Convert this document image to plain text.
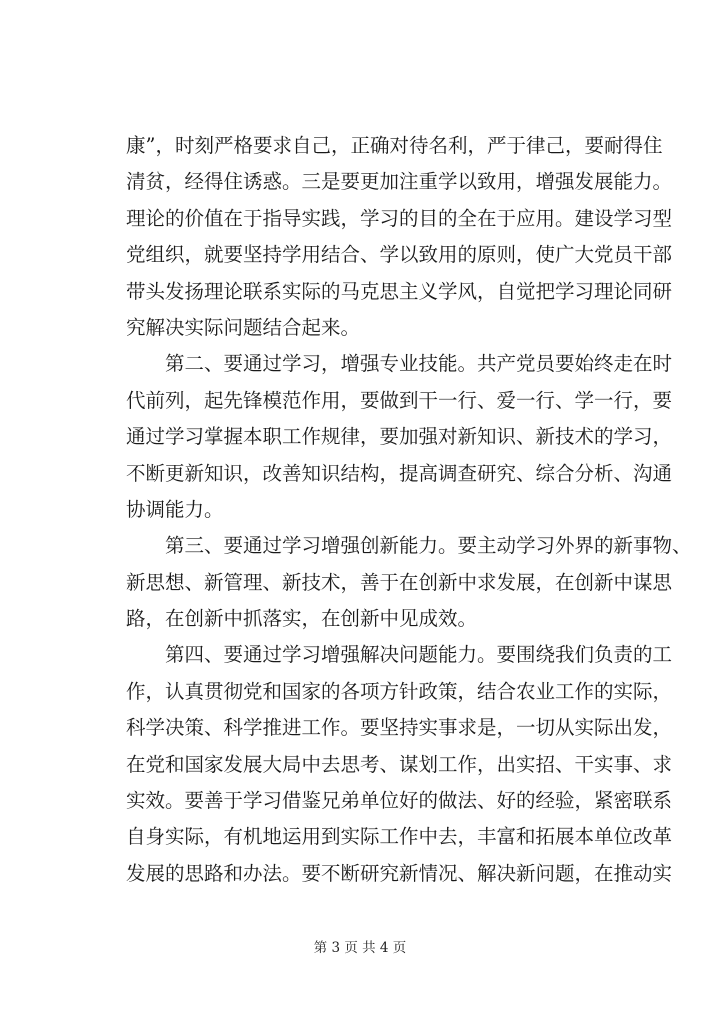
康”，时刻严格要求自己，正确对待名利，严于律己，要耐得住
清贫，经得住诱惑。三是要更加注重学以致用，增强发展能力。
理论的价值在于指导实践，学习的目的全在于应用。建设学习型
党组织，就要坚持学用结合、学以致用的原则，使广大党员干部
带头发扬理论联系实际的马克思主义学风，自觉把学习理论同研
究解决实际问题结合起来。
第二、要通过学习，增强专业技能。共产党员要始终走在时
代前列，起先锋模范作用，要做到干一行、爱一行、学一行，要
通过学习掌握本职工作规律，要加强对新知识、新技术的学习，
不断更新知识，改善知识结构，提高调查研究、综合分析、沟通
协调能力。
第三、要通过学习增强创新能力。要主动学习外界的新事物、
新思想、新管理、新技术，善于在创新中求发展，在创新中谋思
路，在创新中抓落实，在创新中见成效。
第四、要通过学习增强解决问题能力。要围绕我们负责的工
作，认真贯彻党和国家的各项方针政策，结合农业工作的实际，
科学决策、科学推进工作。要坚持实事求是，一切从实际出发，
在党和国家发展大局中去思考、谋划工作，出实招、干实事、求
实效。要善于学习借鉴兄弟单位好的做法、好的经验，紧密联系
自身实际，有机地运用到实际工作中去，丰富和拓展本单位改革
发展的思路和办法。要不断研究新情况、解决新问题，在推动实
第 3 页 共 4 页
